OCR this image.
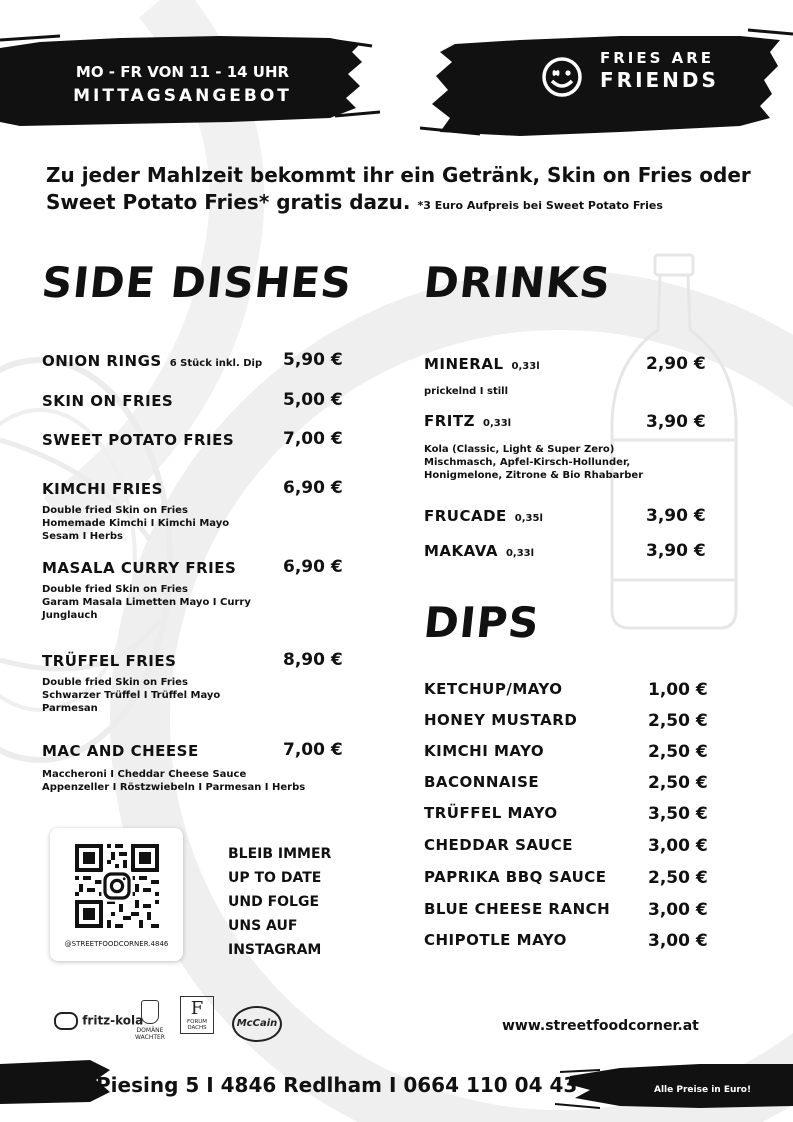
MO - FR VON 11 - 14 UHR
MITTAGSANGEBOT
FRIES ARE
FRIENDS
Zu jeder Mahlzeit bekommt ihr ein Getränk, Skin on Fries oder Sweet Potato Fries* gratis dazu. *3 Euro Aufpreis bei Sweet Potato Fries
SIDE DISHES
ONION RINGS 6 Stück inkl. Dip 5,90 €
SKIN ON FRIES	5,00 €
SWEET POTATO FRIES	7,00 €
KIMCHI FRIES	6,90 €
Double fried Skin on Fries
Homemade Kimchi I Kimchi Mayo
Sesam I Herbs
MASALA CURRY FRIES	6,90 €
Double fried Skin on Fries
Garam Masala Limetten Mayo I Curry
Junglauch
TRÜFFEL FRIES	8,90 €
Double fried Skin on Fries
Schwarzer Trüffel I Trüffel Mayo
Parmesan
MAC AND CHEESE	7,00 €
Maccheroni I Cheddar Cheese Sauce
Appenzeller I Röstzwiebeln I Parmesan I Herbs
DRINKS
MINERAL 0,33l	2,90 €
prickelnd I still
FRITZ 0,33l	3,90 €
Kola (Classic, Light & Super Zero)
Mischmasch, Apfel-Kirsch-Hollunder,
Honigmelone, Zitrone & Bio Rhabarber
FRUCADE 0,35l	3,90 €
MAKAVA 0,33l	3,90 €
DIPS
KETCHUP/MAYO	1,00 €
HONEY MUSTARD	2,50 €
KIMCHI MAYO	2,50 €
BACONNAISE	2,50 €
TRÜFFEL MAYO	3,50 €
CHEDDAR SAUCE	3,00 €
PAPRIKA BBQ SAUCE 2,50 €
BLUE CHEESE RANCH 3,00 €
CHIPOTLE MAYO	3,00 €
@STREETFOODCORNER.4846
BLEIB IMMER
UP TO DATE
UND FOLGE
UNS AUF
INSTAGRAM
fritz-kola
DOMÄNE WACHTER
F
FORUM DACHS	McCain	www.streetfoodcorner.at
Piesing 5 I 4846 Redlham I 0664 110 04 43	Alle Preise in Euro!
